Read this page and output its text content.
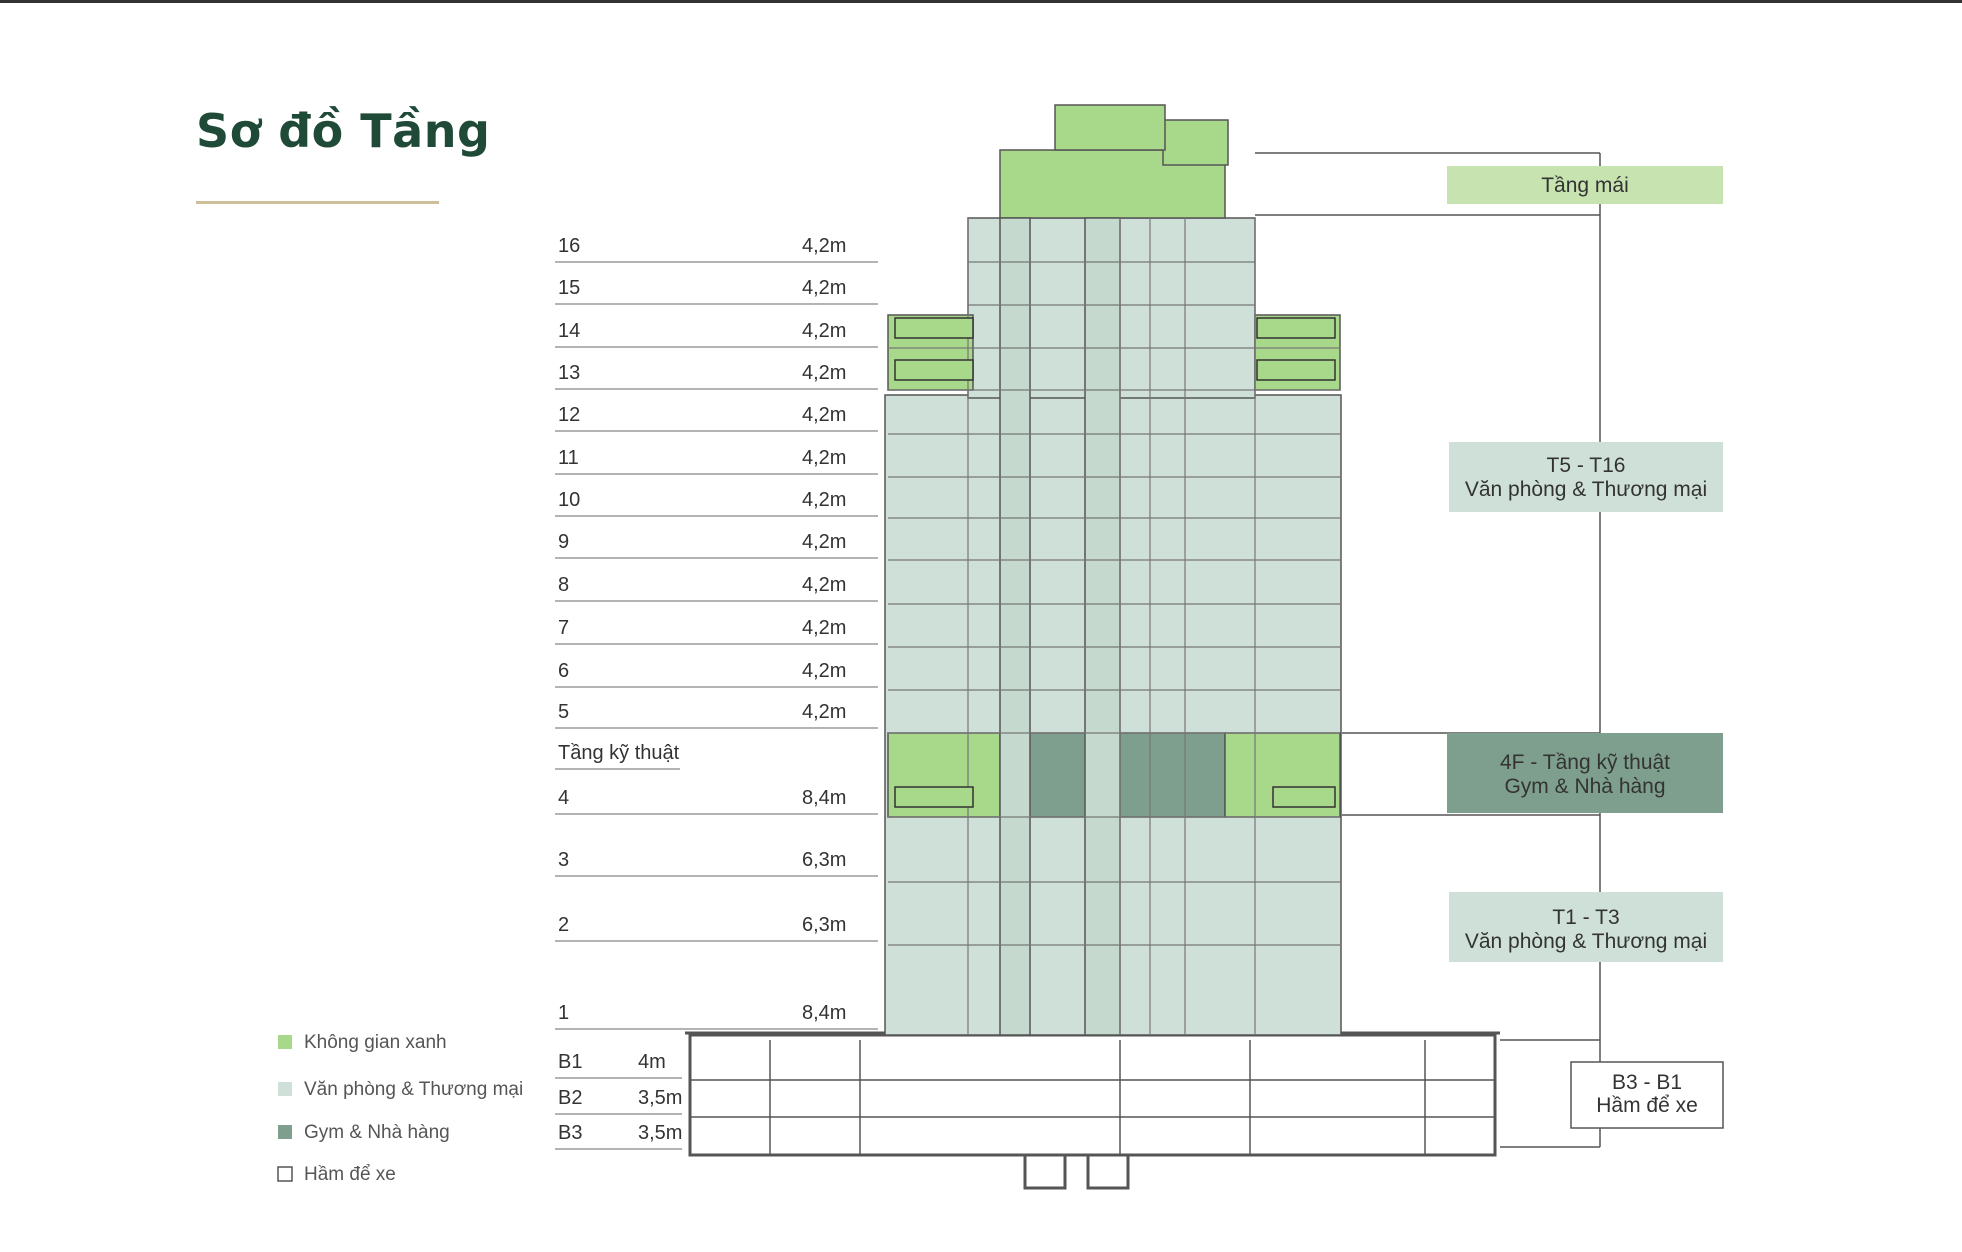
Sơ đồ Tầng
16	4,2m
15	4,2m
14	4,2m
13	4,2m
12	4,2m
11	4,2m
10	4,2m
9	4,2m
8	4,2m
7	4,2m
6	4,2m
5	4,2m
Tầng kỹ thuật
4	8,4m
3	6,3m
2	6,3m
1	8,4m
B1	4m
B2	3,5m
B3	3,5m
Tầng mái
T5 - T16
Văn phòng & Thương mại
4F - Tầng kỹ thuật
Gym & Nhà hàng
T1 - T3
Văn phòng & Thương mại
B3 - B1
Hầm để xe
Không gian xanh
Văn phòng & Thương mại
Gym & Nhà hàng
Hầm để xe
